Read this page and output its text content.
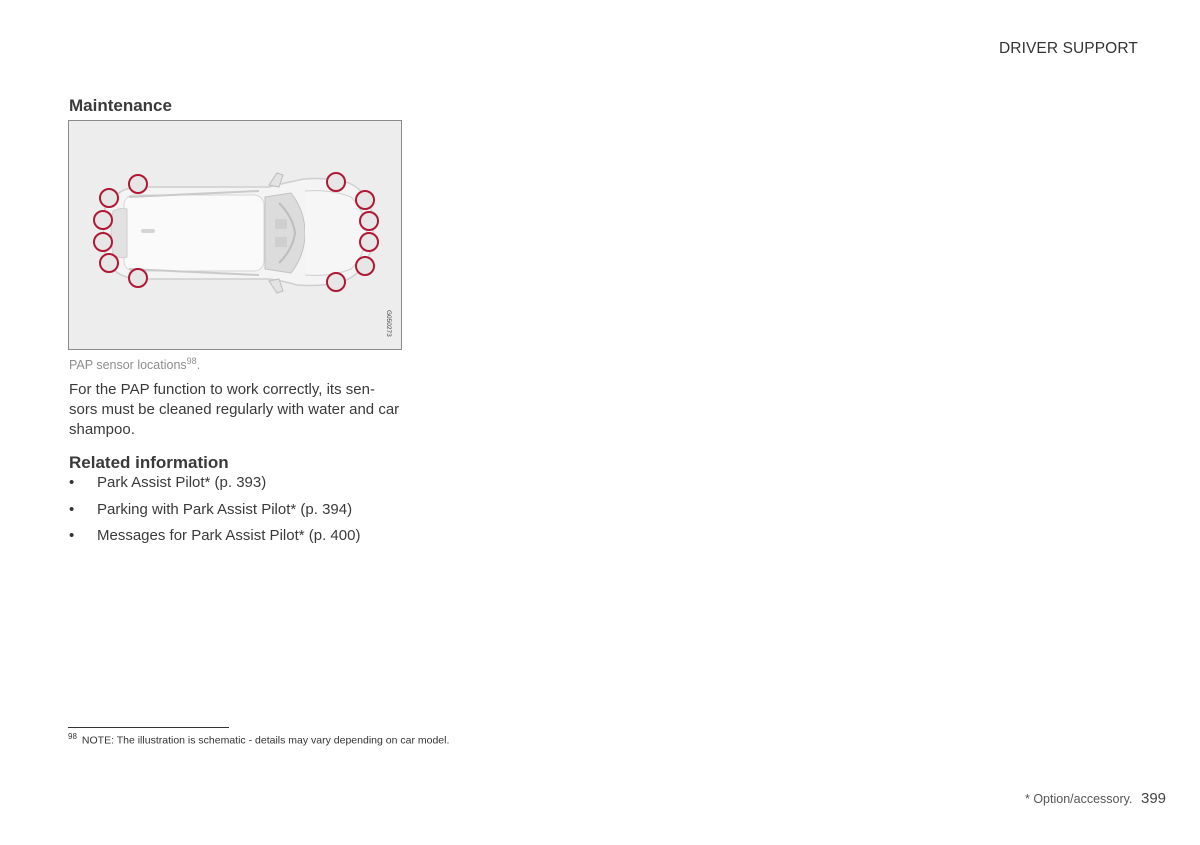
DRIVER SUPPORT
Maintenance
G050273
PAP sensor locations$^{98}$.
For the PAP function to work correctly, its sen-
sors must be cleaned regularly with water and car
shampoo.
Related information
• Park Assist Pilot* (p. 393)
• Parking with Park Assist Pilot* (p. 394)
• Messages for Park Assist Pilot* (p. 400)
$^{98}$ NOTE: The illustration is schematic - details may vary depending on car model.
* Option/accessory. 399
